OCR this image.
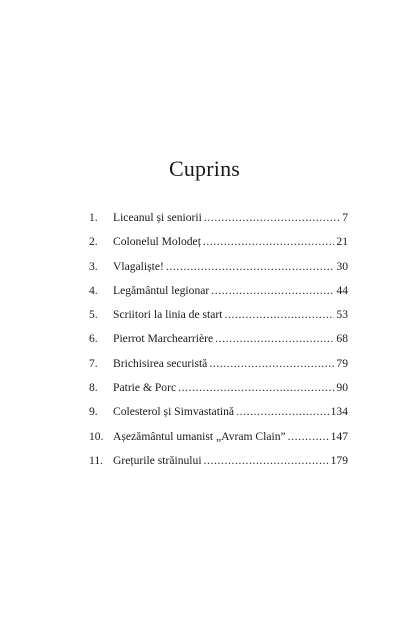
Cuprins
1.	Liceanul și seniorii .....	7
2.	Colonelul Molodeț .....	21
3.	Vlagaliște! .....	30
4.	Legământul legionar .....	44
5.	Scriitori la linia de start .....	53
6.	Pierrot Marchearrière .....	68
7.	Brichisirea securistă .....	79
8.	Patrie & Porc .....	90
9.	Colesterol și Simvastatină .....	134
10. Așezământul umanist „Avram Clain” .....	147
11. Grețurile străinului .....	179
